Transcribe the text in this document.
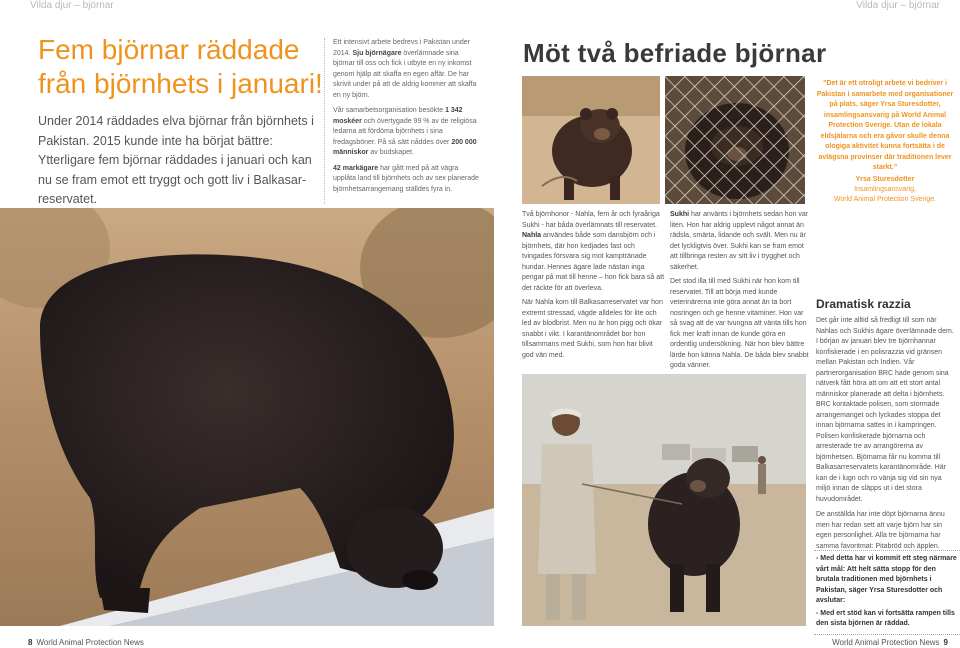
Vilda djur – björnar	Vilda djur – björnar
Fem björnar räddade från björnhets i januari!

Under 2014 räddades elva björnar från björnhets i Pakistan. 2015 kunde inte ha börjat bättre: Ytterligare fem björnar räddades i januari och kan nu se fram emot ett tryggt och gott liv i Balkasar-reservatet.

Ett intensivt arbete bedrevs i Pakistan under 2014. Sju björnägare överlämnade sina björnar till oss och fick i utbyte en ny inkomst genom hjälp att skaffa en egen affär. De har skrivit under på att de aldrig kommer att skaffa en ny björn.

Vår samarbetsorganisation besökte 1 342 moskéer och övertygade 99 % av de religiösa ledarna att fördöma björnhets i sina fredagsböner. På så sätt nåddes över 200 000 människor av budskapet.

42 markägare har gått med på att vägra upplåta land till björnhets och av sex planerade björnhetsarrangemang ställdes fyra in.

8 World Animal Protection News
Möt två befriade björnar
”Det är ett otroligt arbete vi bedriver i Pakistan i samarbete med organisationer på plats, säger Yrsa Sturesdotter, insamlingsansvarig på World Animal Protection Sverige. Utan de lokala eldsjälarna och era gåvor skulle denna ologiga aktivitet kunna fortsätta i de avlägsna provinser där traditionen lever starkt.”
Yrsa Sturesdotter
Insamlingsansvarig,
World Animal Protection Sverige.

Två björnhonor - Nahla, fem år och fyraåriga Sukhi - har båda överlämnats till reservatet. Nahla användes både som dansbjörn och i björnhets, där hon kedjades fast och tvingades försvara sig mot kamptränade hundar. Hennes ägare lade nästan inga pengar på mat till henne – hon fick bara så att det räckte för att överleva.

När Nahla kom till Balkasarreservatet var hon extremt stressad, vägde alldeles för lite och led av blodbrist. Men nu är hon pigg och ökar snabbt i vikt. I karantänområdet bor hon tillsammans med Sukhi, som hon har blivit god vän med.

Sukhi har använts i björnhets sedan hon var liten. Hon har aldrig upplevt något annat än rädsla, smärta, lidande och svält. Men nu är det lyckligtvis över. Sukhi kan se fram emot att tillbringa resten av sitt liv i trygghet och säkerhet.

Det stod illa till med Sukhi när hon kom till reservatet. Till att börja med kunde veterinärerna inte göra annat än ta bort nosringen och ge henne vitaminer. Hon var så svag att de var tvungna att vänta tills hon fick mer kraft innan de kunde göra en ordentlig undersökning. När hon blev bättre lärde hon känna Nahla. De båda blev snabbt goda vänner.

Dramatisk razzia

Det går inte alltid så fredligt till som när Nahlas och Sukhis ägare överlämnade dem. I början av januari blev tre björnhannar konfiskerade i en polisrazzia vid gränsen mellan Pakistan och Indien. Vår partnerorganisation BRC hade genom sina nätverk fått höra att om att ett stort antal människor planerade att delta i björnhets. BRC kontaktade polisen, som stormade arrangemanget och lyckades stoppa det innan björnarna sattes in i kampringen. Polisen konfiskerade björnarna och arresterade tre av arrangörerna av björnhetsen. Björnarna får nu komma till Balkasarreservatets karantänområde. Här kan de i lugn och ro vänja sig vid sin nya miljö innan de släpps ut i det stora huvudområdet.

De anställda har inte döpt björnarna ännu men har redan sett att varje björn har sin egen personlighet. Alla tre björnarna har samma favoritmat: Pitabröd och äpplen.

- Med detta har vi kommit ett steg närmare vårt mål: Att helt sätta stopp för den brutala traditionen med björnhets i Pakistan, säger Yrsa Sturesdotter och avslutar:

- Med ert stöd kan vi fortsätta rampen tills den sista björnen är räddad.

World Animal Protection News 9
